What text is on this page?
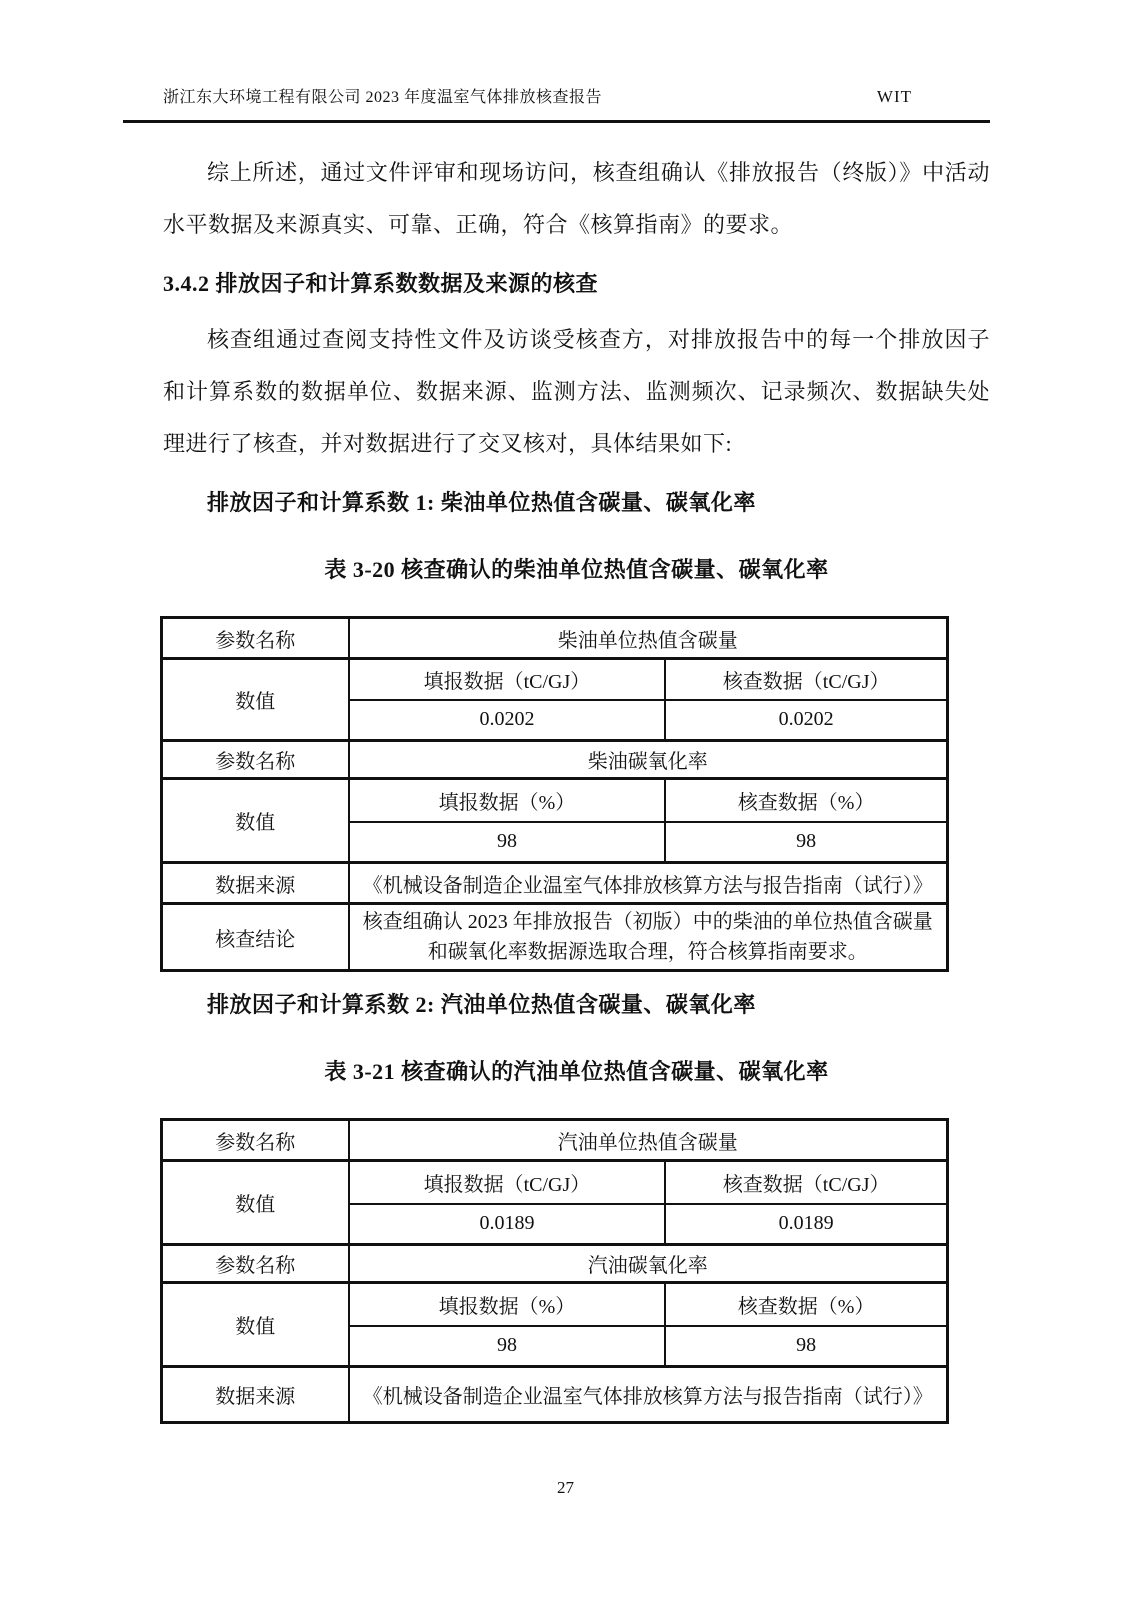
浙江东大环境工程有限公司 2023 年度温室气体排放核查报告	WIT

综上所述，通过文件评审和现场访问，核查组确认《排放报告（终版）》中活动水平数据及来源真实、可靠、正确，符合《核算指南》的要求。

3.4.2 排放因子和计算系数数据及来源的核查

核查组通过查阅支持性文件及访谈受核查方，对排放报告中的每一个排放因子和计算系数的数据单位、数据来源、监测方法、监测频次、记录频次、数据缺失处理进行了核查，并对数据进行了交叉核对，具体结果如下:

排放因子和计算系数 1: 柴油单位热值含碳量、碳氧化率

表 3-20 核查确认的柴油单位热值含碳量、碳氧化率

参数名称	柴油单位热值含碳量	
数值	填报数据（tC/GJ）	核查数据（tC/GJ）
	0.0202	0.0202
参数名称	柴油碳氧化率	
数值	填报数据（%）	核查数据（%）
	98	98
数据来源	《机械设备制造企业温室气体排放核算方法与报告指南（试行）》	
核查结论	核查组确认 2023 年排放报告（初版）中的柴油的单位热值含碳量和碳氧化率数据源选取合理，符合核算指南要求。	

排放因子和计算系数 2: 汽油单位热值含碳量、碳氧化率

表 3-21 核查确认的汽油单位热值含碳量、碳氧化率

参数名称	汽油单位热值含碳量	
数值	填报数据（tC/GJ）	核查数据（tC/GJ）
	0.0189	0.0189
参数名称	汽油碳氧化率	
数值	填报数据（%）	核查数据（%）
	98	98
数据来源	《机械设备制造企业温室气体排放核算方法与报告指南（试行）》	
27
